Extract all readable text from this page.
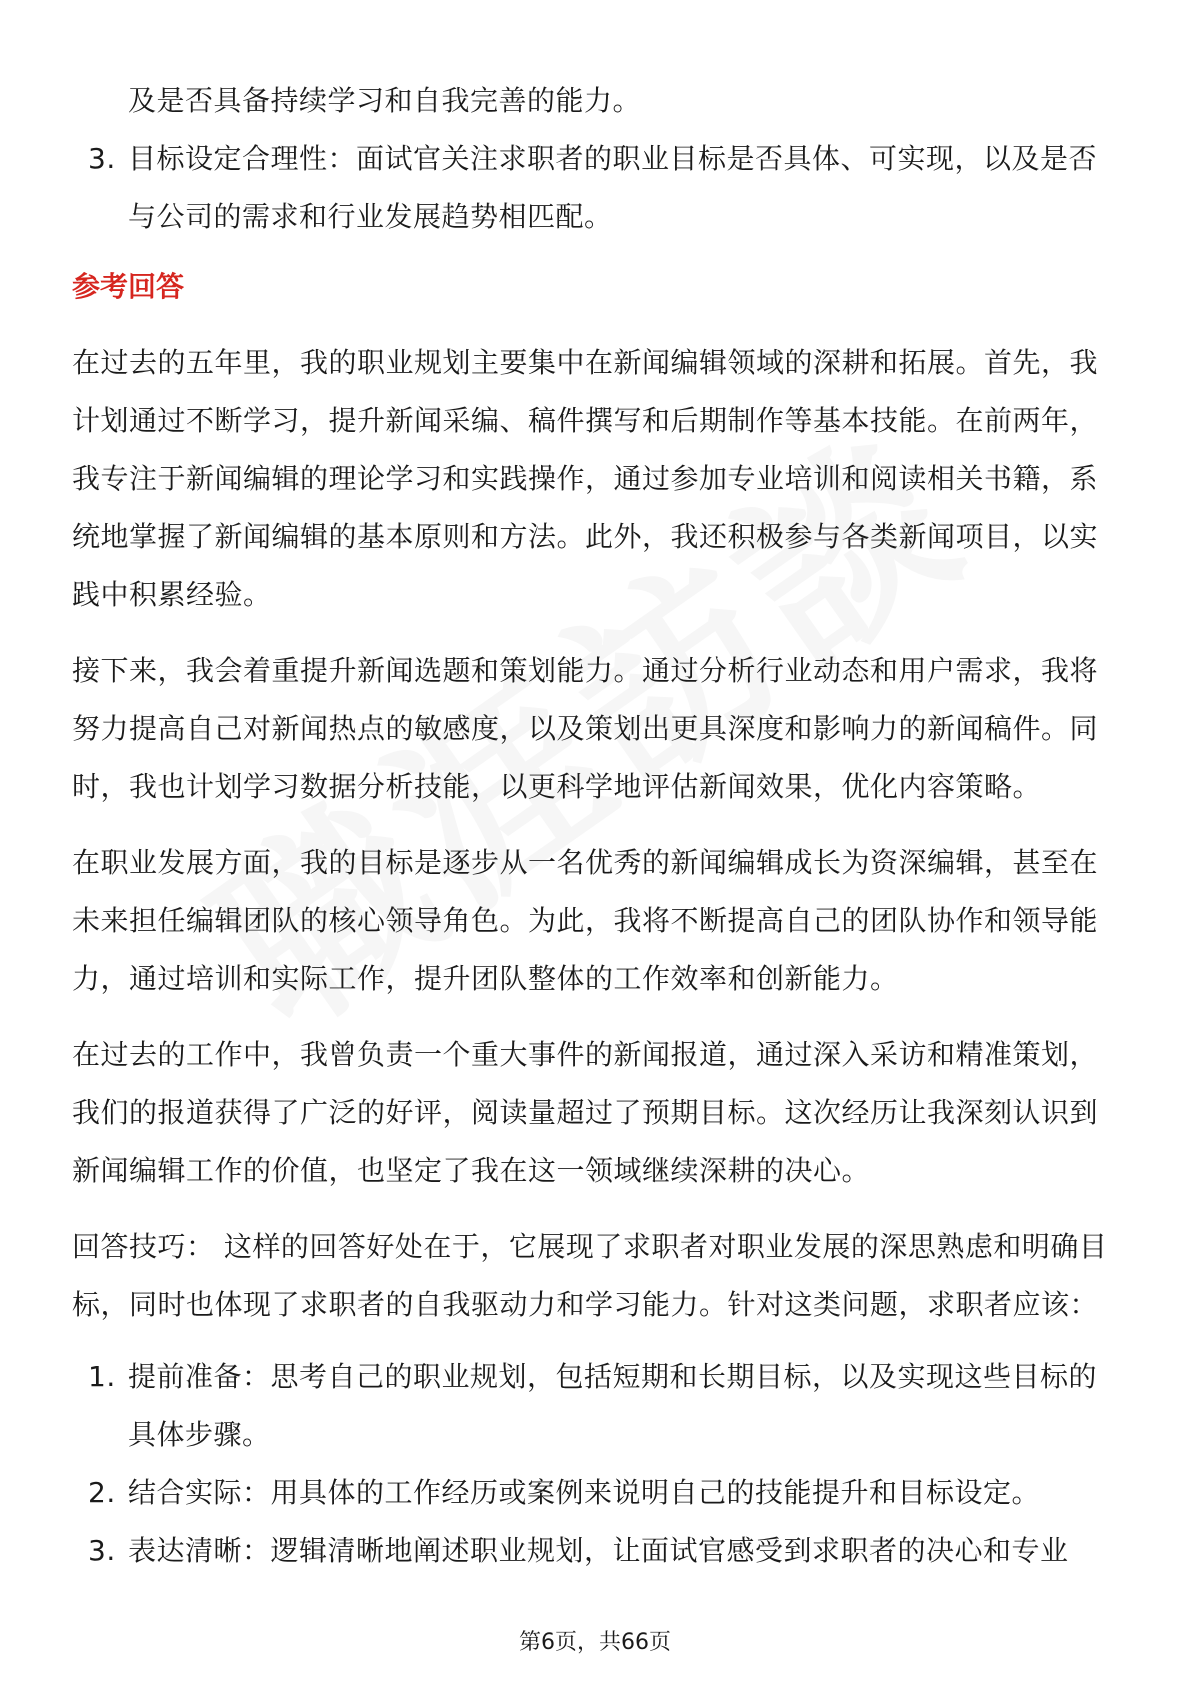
及是否具备持续学习和自我完善的能力。
3. 目标设定合理性：面试官关注求职者的职业目标是否具体、可实现，以及是否
与公司的需求和行业发展趋势相匹配。
参考回答
在过去的五年里，我的职业规划主要集中在新闻编辑领域的深耕和拓展。首先，我
计划通过不断学习，提升新闻采编、稿件撰写和后期制作等基本技能。在前两年，
我专注于新闻编辑的理论学习和实践操作，通过参加专业培训和阅读相关书籍，系
统地掌握了新闻编辑的基本原则和方法。此外，我还积极参与各类新闻项目，以实
践中积累经验。
接下来，我会着重提升新闻选题和策划能力。通过分析行业动态和用户需求，我将
努力提高自己对新闻热点的敏感度，以及策划出更具深度和影响力的新闻稿件。同
时，我也计划学习数据分析技能，以更科学地评估新闻效果，优化内容策略。
在职业发展方面，我的目标是逐步从一名优秀的新闻编辑成长为资深编辑，甚至在
未来担任编辑团队的核心领导角色。为此，我将不断提高自己的团队协作和领导能
力，通过培训和实际工作，提升团队整体的工作效率和创新能力。
在过去的工作中，我曾负责一个重大事件的新闻报道，通过深入采访和精准策划，
我们的报道获得了广泛的好评，阅读量超过了预期目标。这次经历让我深刻认识到
新闻编辑工作的价值，也坚定了我在这一领域继续深耕的决心。
回答技巧： 这样的回答好处在于，它展现了求职者对职业发展的深思熟虑和明确目
标，同时也体现了求职者的自我驱动力和学习能力。针对这类问题，求职者应该：
1. 提前准备：思考自己的职业规划，包括短期和长期目标，以及实现这些目标的
具体步骤。
2. 结合实际：用具体的工作经历或案例来说明自己的技能提升和目标设定。
3. 表达清晰：逻辑清晰地阐述职业规划，让面试官感受到求职者的决心和专业
第6页，共66页
